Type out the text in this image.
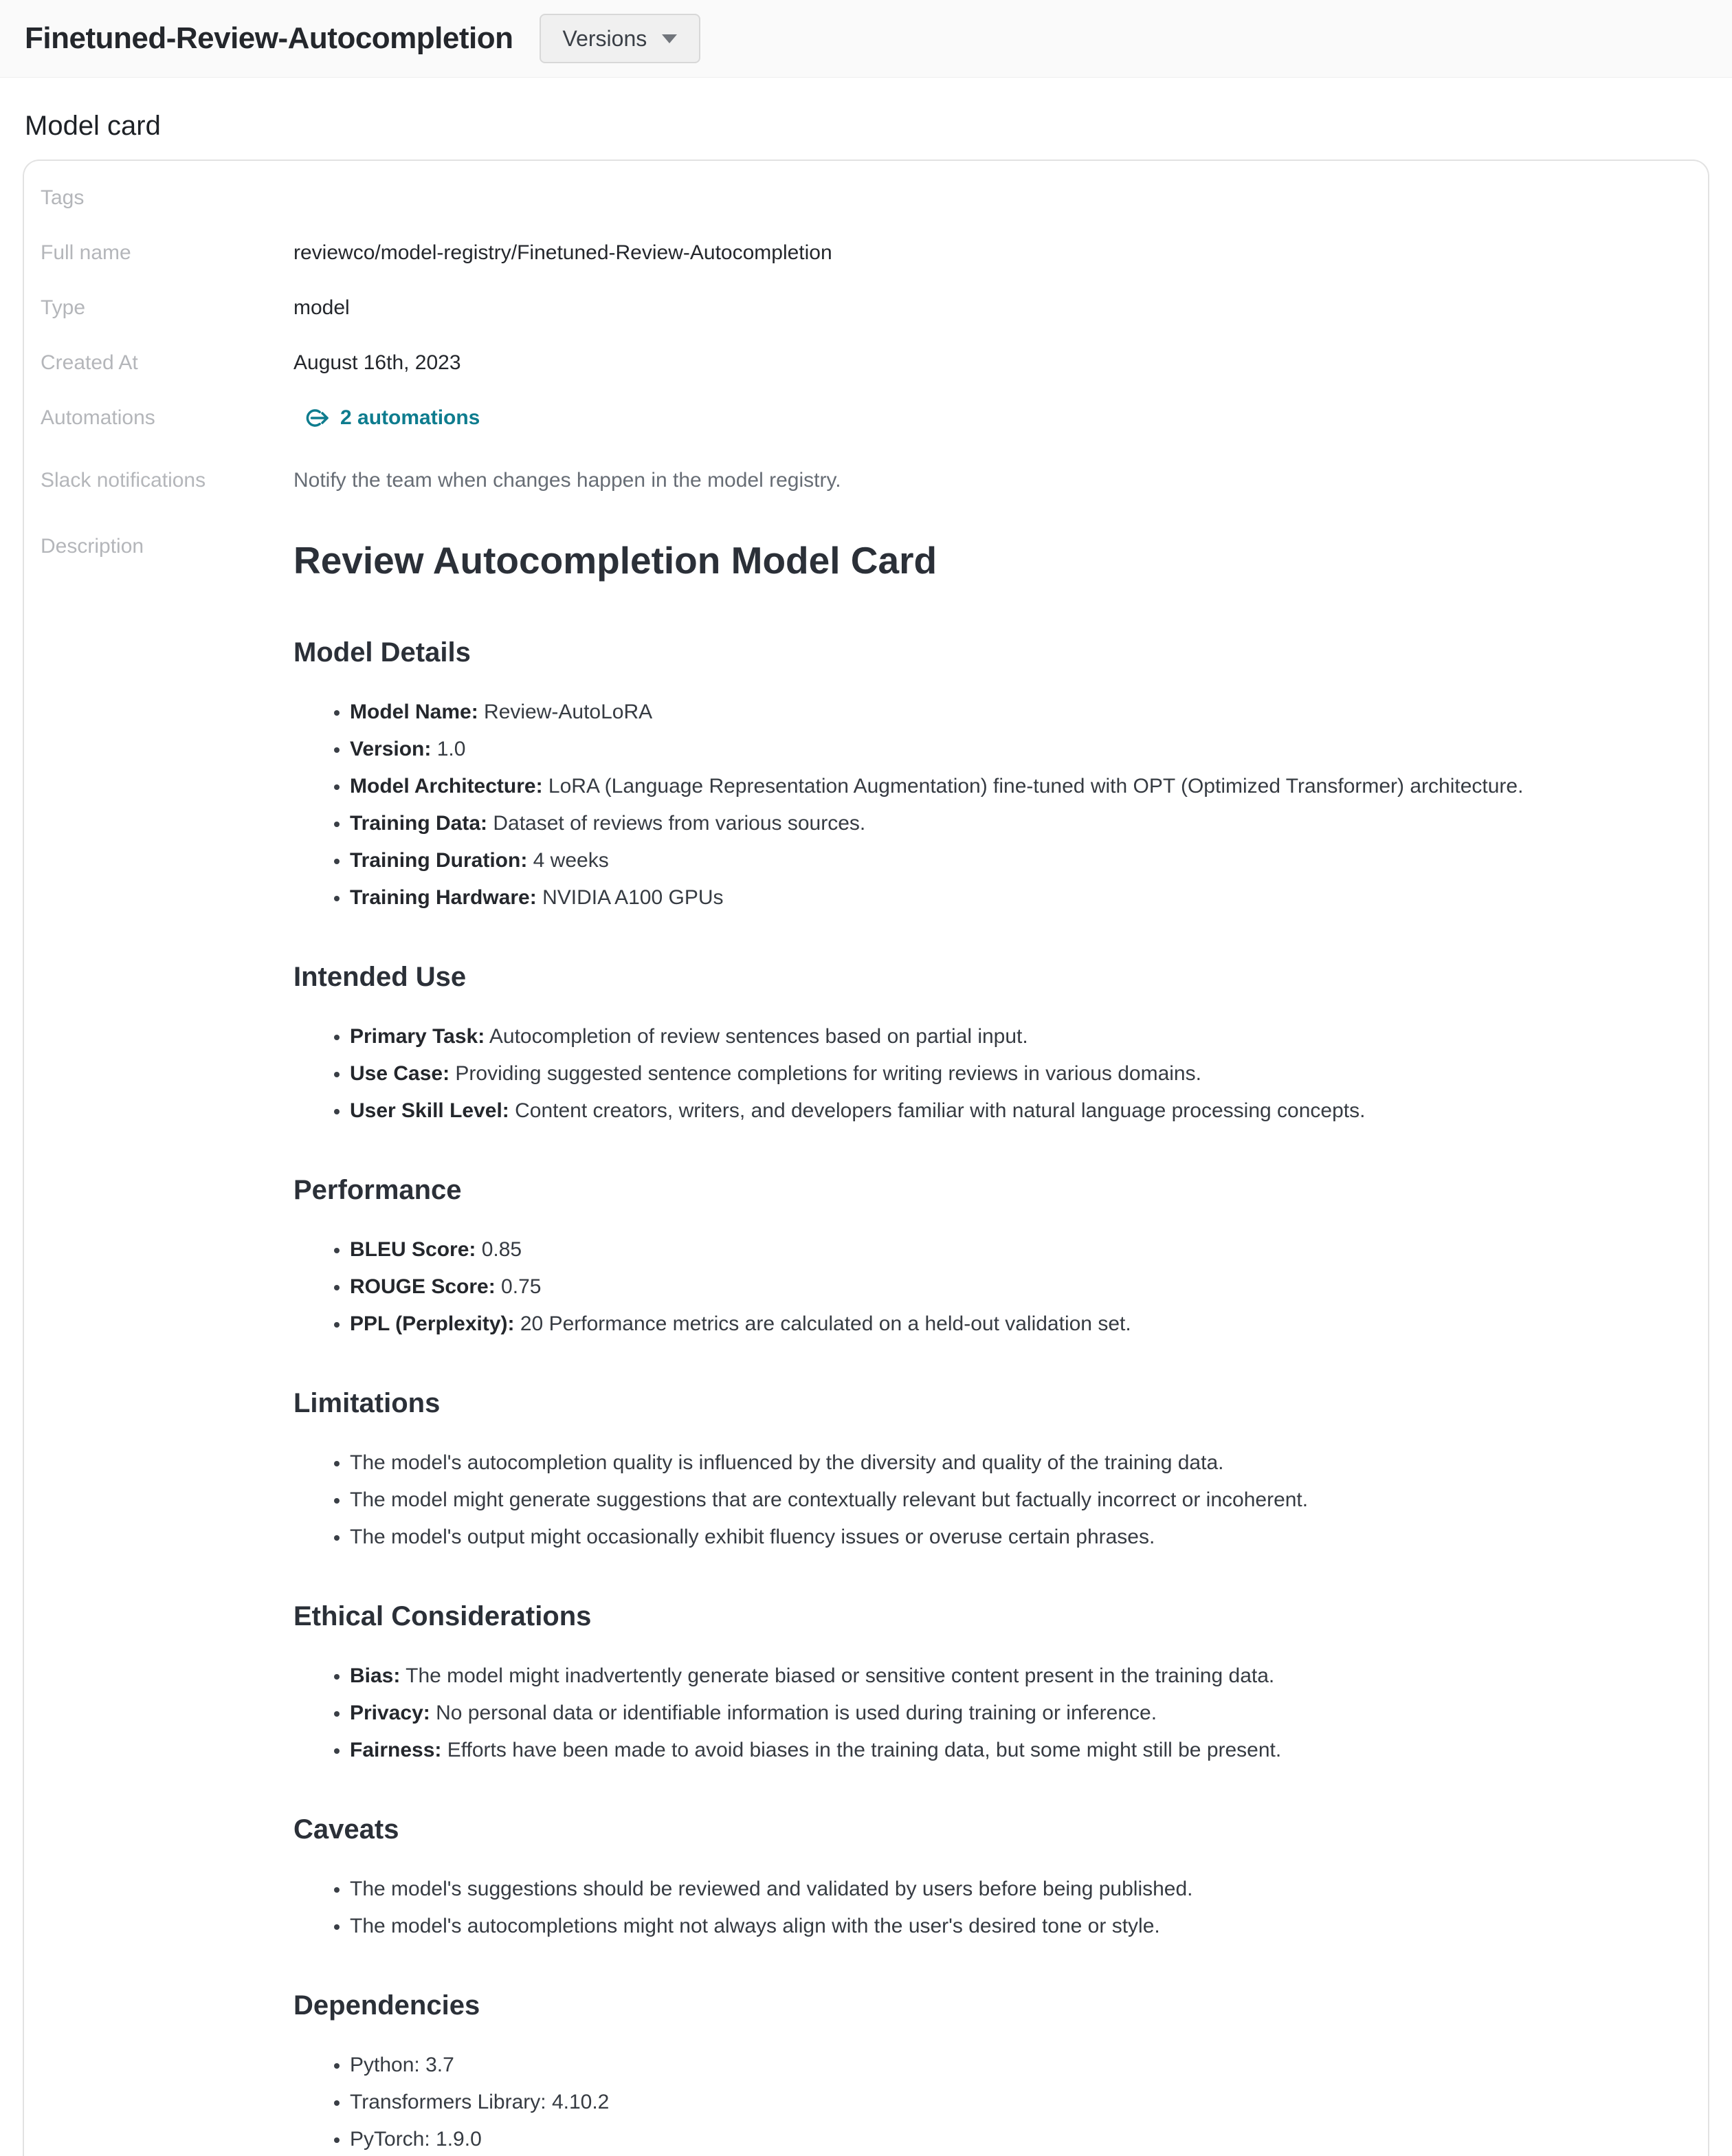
Finetuned-Review-Autocompletion Versions
Model card
Tags
Full name	reviewco/model-registry/Finetuned-Review-Autocompletion
Type	model
Created At	August 16th, 2023
Automations	2 automations
Slack notifications	Notify the team when changes happen in the model registry.
Description	Review Autocompletion Model Card
Model Details
• Model Name: Review-AutoLoRA
• Version: 1.0
• Model Architecture: LoRA (Language Representation Augmentation) fine-tuned with OPT (Optimized Transformer) architecture.
• Training Data: Dataset of reviews from various sources.
• Training Duration: 4 weeks
• Training Hardware: NVIDIA A100 GPUs
Intended Use
• Primary Task: Autocompletion of review sentences based on partial input.
• Use Case: Providing suggested sentence completions for writing reviews in various domains.
• User Skill Level: Content creators, writers, and developers familiar with natural language processing concepts.
Performance
• BLEU Score: 0.85
• ROUGE Score: 0.75
• PPL (Perplexity): 20 Performance metrics are calculated on a held-out validation set.
Limitations
• The model's autocompletion quality is influenced by the diversity and quality of the training data.
• The model might generate suggestions that are contextually relevant but factually incorrect or incoherent.
• The model's output might occasionally exhibit fluency issues or overuse certain phrases.
Ethical Considerations
• Bias: The model might inadvertently generate biased or sensitive content present in the training data.
• Privacy: No personal data or identifiable information is used during training or inference.
• Fairness: Efforts have been made to avoid biases in the training data, but some might still be present.
Caveats
• The model's suggestions should be reviewed and validated by users before being published.
• The model's autocompletions might not always align with the user's desired tone or style.
Dependencies
• Python: 3.7
• Transformers Library: 4.10.2
• PyTorch: 1.9.0
